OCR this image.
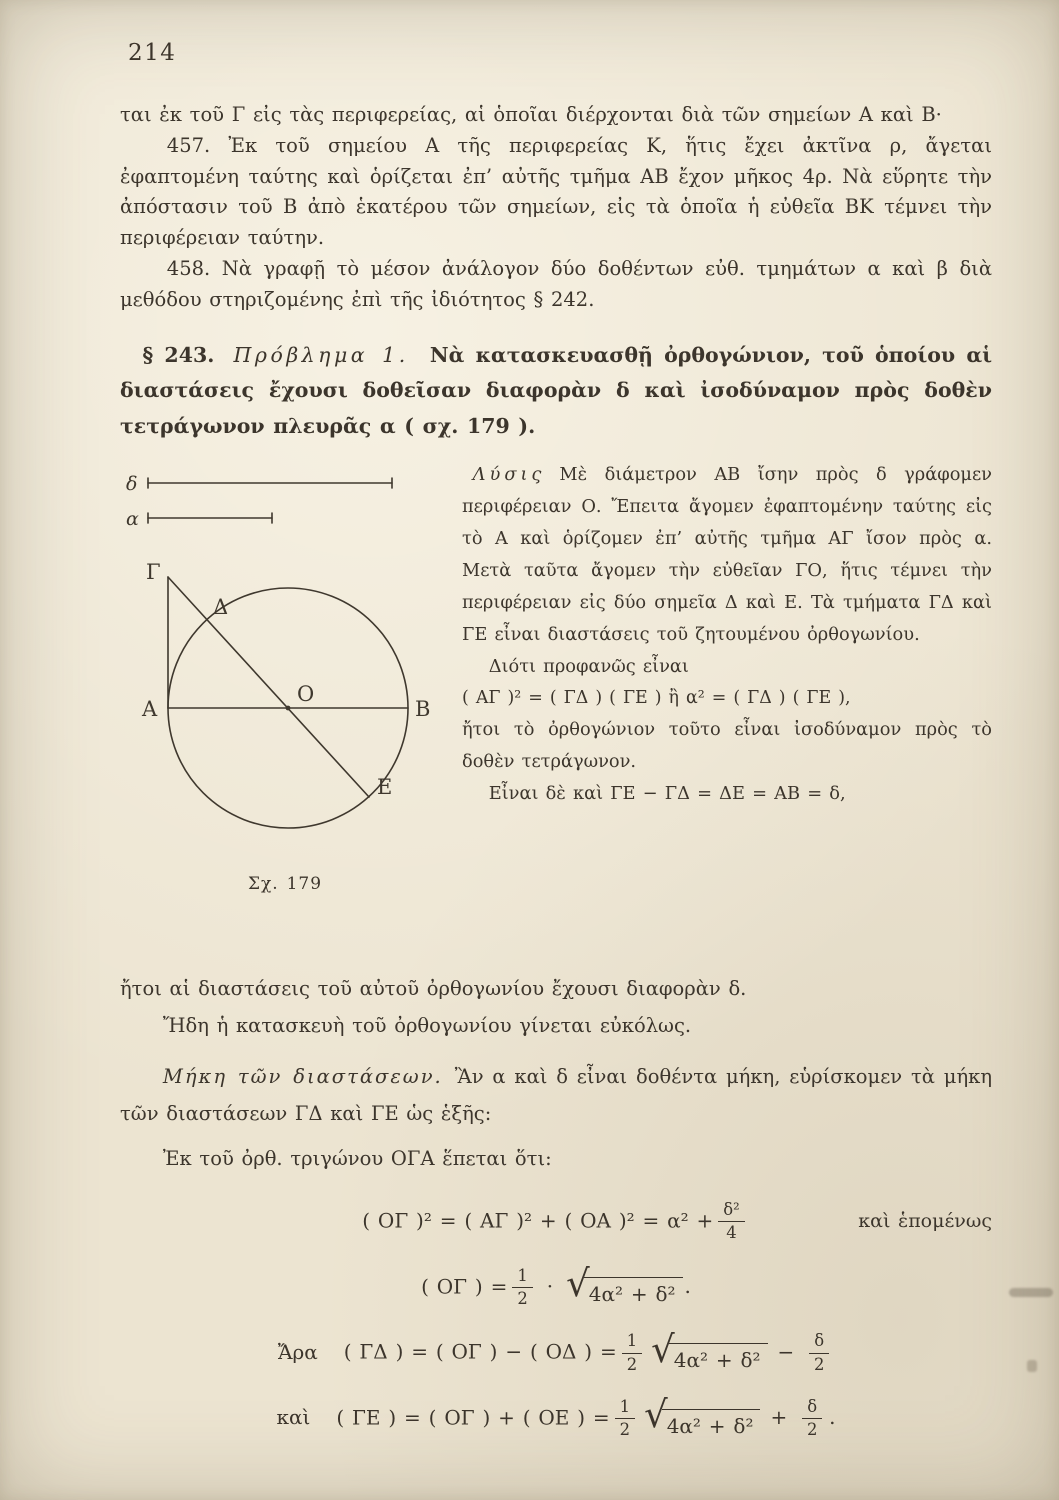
214

ται ἐκ τοῦ Γ εἰς τὰς περιφερείας, αἱ ὁποῖαι διέρχονται διὰ τῶν σημείων Α καὶ Β·

457. Ἐκ τοῦ σημείου Α τῆς περιφερείας Κ, ἥτις ἔχει ἀκτῖνα ρ, ἄγεται ἐφαπτομένη ταύτης καὶ ὁρίζεται ἐπ’ αὐτῆς τμῆμα ΑΒ ἔχον μῆκος 4ρ. Νὰ εὕρητε τὴν ἀπόστασιν τοῦ Β ἀπὸ ἑκατέρου τῶν σημείων, εἰς τὰ ὁποῖα ἡ εὐθεῖα ΒΚ τέμνει τὴν περιφέρειαν ταύτην.

458. Νὰ γραφῇ τὸ μέσον ἀνάλογον δύο δοθέντων εὐθ. τμημάτων α καὶ β διὰ μεθόδου στηριζομένης ἐπὶ τῆς ἰδιότητος § 242.

§ 243. Πρόβλημα 1. Νὰ κατασκευασθῇ ὀρθογώνιον, τοῦ ὁποίου αἱ διαστάσεις ἔχουσι δοθεῖσαν διαφορὰν δ καὶ ἰσοδύναμον πρὸς δοθὲν τετράγωνον πλευρᾶς α ( σχ. 179 ).
δ
α
Γ
Δ
Α
Ο
Β
Ε
Σχ. 179

Λύσις Μὲ διάμετρον ΑΒ ἴσην πρὸς δ γράφομεν περιφέρειαν Ο. Ἔπειτα ἄγομεν ἐφαπτομένην ταύτης εἰς τὸ Α καὶ ὁρίζομεν ἐπ’ αὐτῆς τμῆμα ΑΓ ἴσον πρὸς α. Μετὰ ταῦτα ἄγομεν τὴν εὐθεῖαν ΓΟ, ἥτις τέμνει τὴν περιφέρειαν εἰς δύο σημεῖα Δ καὶ Ε. Τὰ τμήματα ΓΔ καὶ ΓΕ εἶναι διαστάσεις τοῦ ζητουμένου ὀρθογωνίου.

Διότι προφανῶς εἶναι

( ΑΓ )² = ( ΓΔ ) ( ΓΕ ) ἢ α² = ( ΓΔ ) ( ΓΕ ),

ἤτοι τὸ ὀρθογώνιον τοῦτο εἶναι ἰσοδύναμον πρὸς τὸ δοθὲν τετράγωνον.

Εἶναι δὲ καὶ ΓΕ − ΓΔ = ΔΕ = ΑΒ = δ,

ἤτοι αἱ διαστάσεις τοῦ αὐτοῦ ὀρθογωνίου ἔχουσι διαφορὰν δ.

Ἤδη ἡ κατασκευὴ τοῦ ὀρθογωνίου γίνεται εὐκόλως.

Μήκη τῶν διαστάσεων. Ἂν α καὶ δ εἶναι δοθέντα μήκη, εὑρίσκομεν τὰ μήκη τῶν διαστάσεων ΓΔ καὶ ΓΕ ὡς ἑξῆς:

Ἐκ τοῦ ὀρθ. τριγώνου ΟΓΑ ἕπεται ὅτι:

( ΟΓ )² = ( ΑΓ )² + ( ΟΑ )$^2 = \alpha^2 + \frac{\text{δ²}}{4}$	καὶ ἑπομένως
( ΟΓ ) = $\frac{1}{2} \cdot √4\alpha^2 + \delta^2$ .
Ἄρα ( ΓΔ ) = ( ΟΓ ) − ( ΟΔ ) = $\frac{1}{2} √4\alpha^2 + \delta^2 - \frac{\delta}{2}$
καὶ ( ΓΕ ) = ( ΟΓ ) + ( ΟΕ ) = $\frac{1}{2} √4\alpha^2 + \delta^2 + \frac{\delta}{2}$ .
